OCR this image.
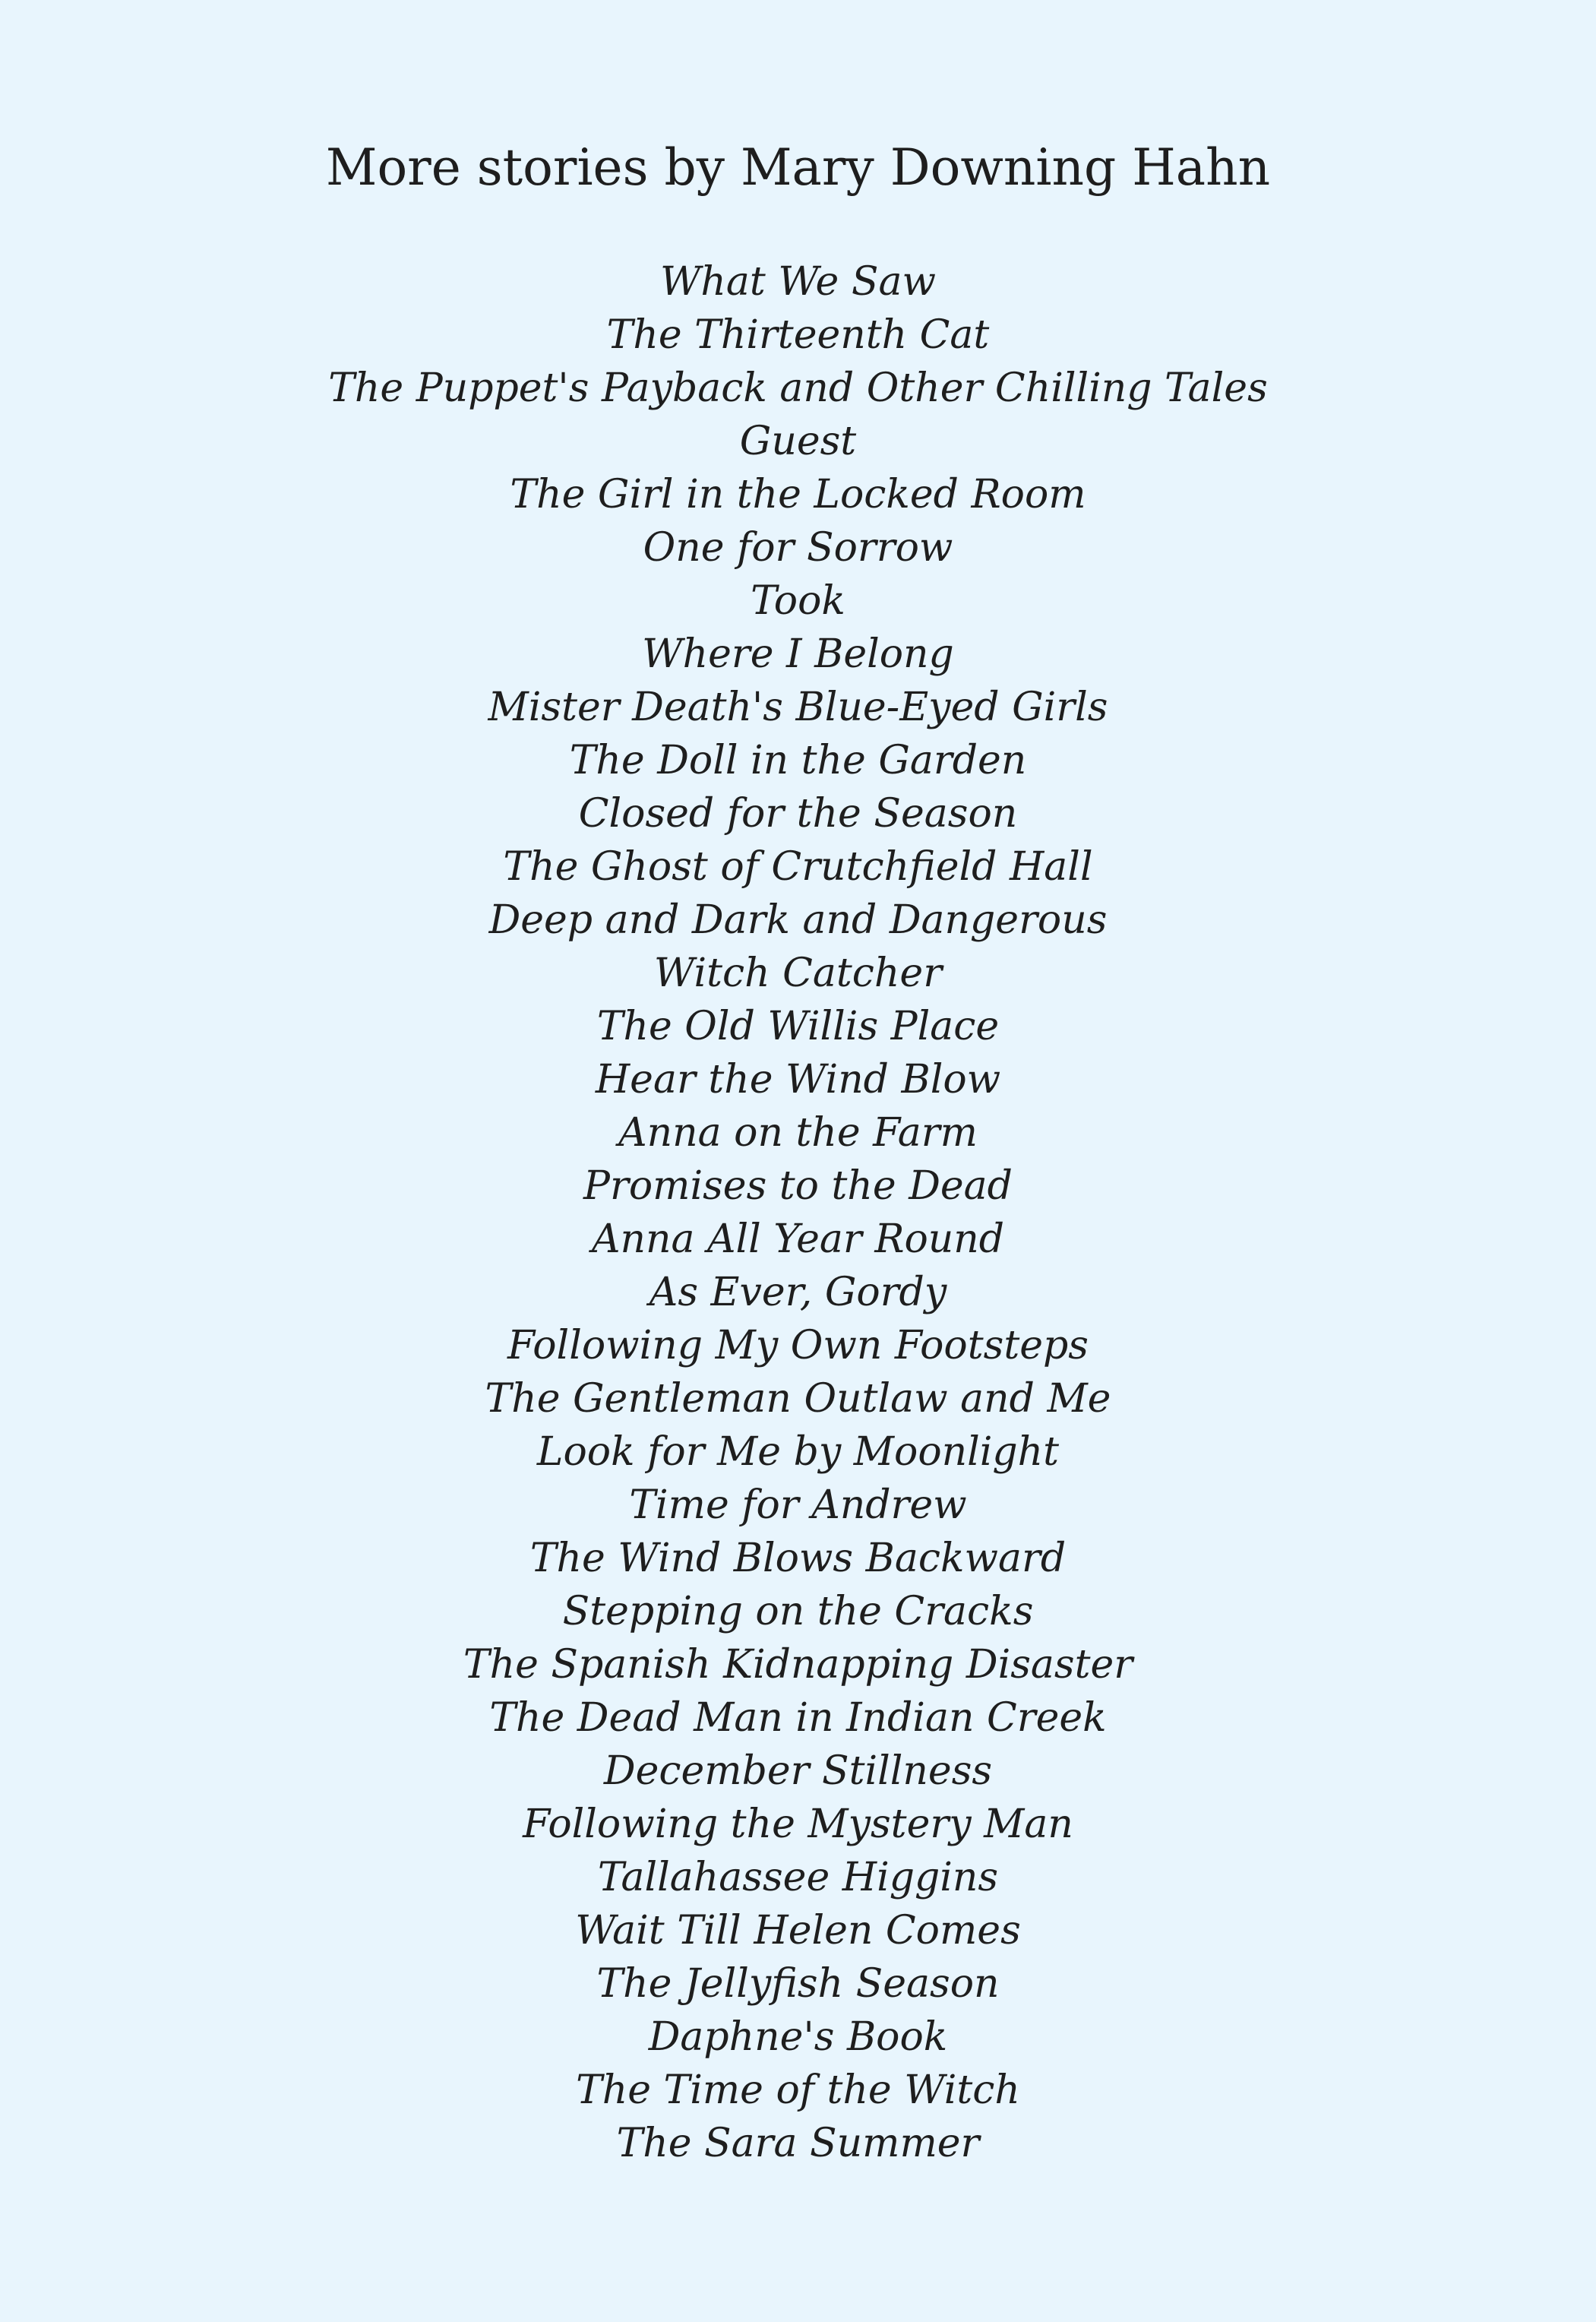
More stories by Mary Downing Hahn
What We Saw
The Thirteenth Cat
The Puppet's Payback and Other Chilling Tales
Guest
The Girl in the Locked Room
One for Sorrow
Took
Where I Belong
Mister Death's Blue-Eyed Girls
The Doll in the Garden
Closed for the Season
The Ghost of Crutchfield Hall
Deep and Dark and Dangerous
Witch Catcher
The Old Willis Place
Hear the Wind Blow
Anna on the Farm
Promises to the Dead
Anna All Year Round
As Ever, Gordy
Following My Own Footsteps
The Gentleman Outlaw and Me
Look for Me by Moonlight
Time for Andrew
The Wind Blows Backward
Stepping on the Cracks
The Spanish Kidnapping Disaster
The Dead Man in Indian Creek
December Stillness
Following the Mystery Man
Tallahassee Higgins
Wait Till Helen Comes
The Jellyfish Season
Daphne's Book
The Time of the Witch
The Sara Summer
